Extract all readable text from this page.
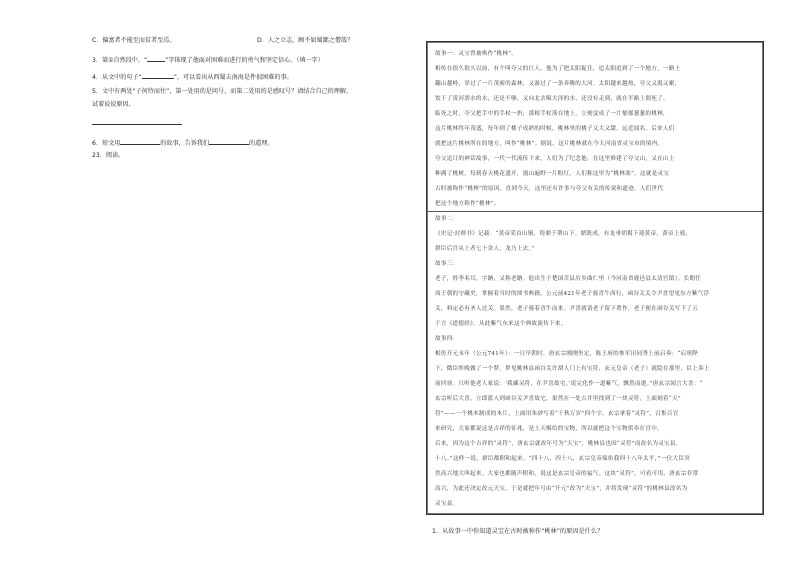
C．偏富者不能至而贫者至焉。	D．人之立志，顾不如蜀鄙之僧哉？
3．第①自然段中，“	”字体现了他面对困难而进行的勇气和坚定信心。（填一字）
4．从文中的句子“	”，可以看出从西蜀去南海是件很困难的事。
5．文中有两处“子何恃而往”，第一处用的是问号，而第二处用的是感叹号？请结合自己的理解，
试着说说原因。
6．短文用	的故事，告诉我们	的道理。
23．阅读。
故事一：灵宝曾被唤作“桃林”。
相传在很久很久以前，有个叫夸父的巨人，他为了把太阳捉住，追太阳追到了一个地方，一路上
翻山越岭，穿过了一片茂密的森林，又游过了一条奔腾的大河。太阳越来越热，夸父又渴又累，
饮干了黄河渭水的水，还是不够，又向北去喝大泽的水，还没有走到，就在半路上渴死了。
临死之时，夸父把手中的手杖一扔，那根手杖落在地上，立刻变成了一片郁郁葱葱的桃林，
这片桃林终年茂盛，每年到了桃子成熟的时候，桃林里的桃子又大又甜，远近闻名。后来人们
就把这片桃林所在的地方，叫作“桃林”。据说，这片桃林就在今天河南省灵宝市的境内。
夸父追日的神话故事，一代一代流传下来，人们为了纪念他，在这里修建了夸父山，又在山上
种满了桃树，每到春天桃花盛开，漫山遍野一片粉红，人们称这里为“桃林塞”，这就是灵宝
古时被称作“桃林”的原因，直到今天，这里还有许多与夸父有关的传说和遗迹，人们世代
把这个地方称作“桃林”。
故事二：
《史记·封禅书》记载：“黄帝采首山铜，铸鼎于荆山下。鼎既成，有龙垂胡髯下迎黄帝。黄帝上骑，
群臣后宫从上者七十余人，龙乃上去。”
故事三：
老子，姓李名耳，字聃，又称老聃。他出生于楚国苦县厉乡曲仁里（今河南省鹿邑县太清宫镇）。长期任
周王朝的守藏史，掌握着当时的图书典籍。公元前421年老子骑青牛西行，函谷关关令尹喜望见东方紫气浮
关，料定必有圣人过关。果然，老子骑着青牛而来。尹喜就请老子留下著作，老子便在函谷关写下了五
千言《道德经》。从此紫气东来这个典故流传下来。
故事四：
相传开元末年（公元741年）：一日早朝时，唐玄宗刚刚坐定，陈王府的参军田同秀上前启奏：“启禀陛
下，微臣昨晚做了一个梦，梦见桃林县函谷关许胡人门上有宝符，玄元皇帝（老子）就隐在那里，臣上奏上
前回禀。只听他老人家说：‘我藏灵符，在尹喜故宅。’说完化作一道紫气，飘然而逝。”唐玄宗闻言大喜：“
玄宗听后大喜，立即派人到函谷关尹喜故宅，果然在一处古井里找到了一块灵符，上面刻着“天”
符”——一个桃木制成的木片，上面用朱砂写着“千秋万岁”四个字。玄宗拿着“灵符”，召集百官
来研究，大家都说这是吉祥的征兆，是上天赐给的宝物，所以就把这个宝物供奉在宫中。
后来，因为这个吉祥的“灵符”，唐玄宗就改年号为“天宝”，桃林县也因“灵符”而改名为灵宝县。
十八。”这样一说，群臣都附和起来。“四十八，四十八，玄宗皇帝保佑我四十八年太平，”一位大臣突
然高兴地大叫起来。大家也都随声附和，说这是玄宗皇帝的福气。这块“灵符”，可看可用，唐玄宗非常
高兴，为此还决定改元天宝，于是就把年号由“开元”改为“天宝”，并将发现“灵符”的桃林县改名为
灵宝县。
1．从故事一中你知道灵宝在古时被称作“桃林”的原因是什么？
